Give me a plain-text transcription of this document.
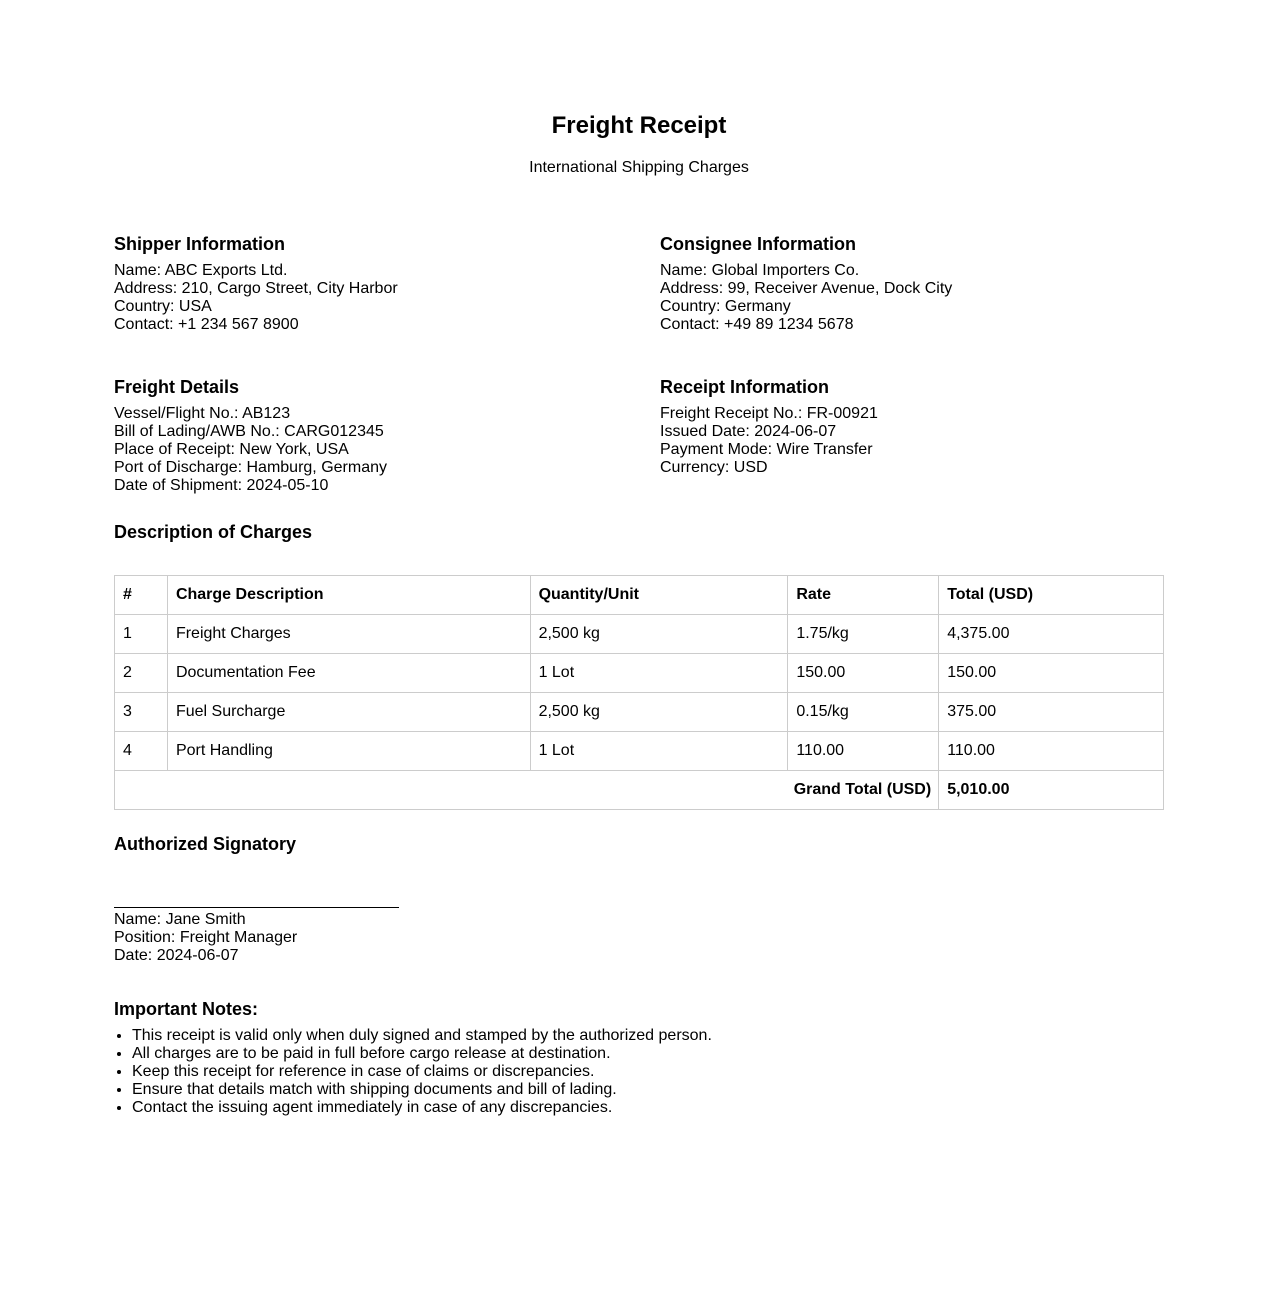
Freight Receipt
International Shipping Charges
Shipper Information
Name: ABC Exports Ltd.
Address: 210, Cargo Street, City Harbor
Country: USA
Contact: +1 234 567 8900
Consignee Information
Name: Global Importers Co.
Address: 99, Receiver Avenue, Dock City
Country: Germany
Contact: +49 89 1234 5678
Freight Details
Vessel/Flight No.: AB123
Bill of Lading/AWB No.: CARG012345
Place of Receipt: New York, USA
Port of Discharge: Hamburg, Germany
Date of Shipment: 2024-05-10
Receipt Information
Freight Receipt No.: FR-00921
Issued Date: 2024-06-07
Payment Mode: Wire Transfer
Currency: USD
Description of Charges
#	Charge Description	Quantity/Unit	Rate	Total (USD)
1	Freight Charges	2,500 kg	1.75/kg	4,375.00
2	Documentation Fee	1 Lot	150.00	150.00
3	Fuel Surcharge	2,500 kg	0.15/kg	375.00
4	Port Handling	1 Lot	110.00	110.00
Grand Total (USD)				5,010.00
Authorized Signatory
Name: Jane Smith
Position: Freight Manager
Date: 2024-06-07
Important Notes:
• This receipt is valid only when duly signed and stamped by the authorized person.
• All charges are to be paid in full before cargo release at destination.
• Keep this receipt for reference in case of claims or discrepancies.
• Ensure that details match with shipping documents and bill of lading.
• Contact the issuing agent immediately in case of any discrepancies.
